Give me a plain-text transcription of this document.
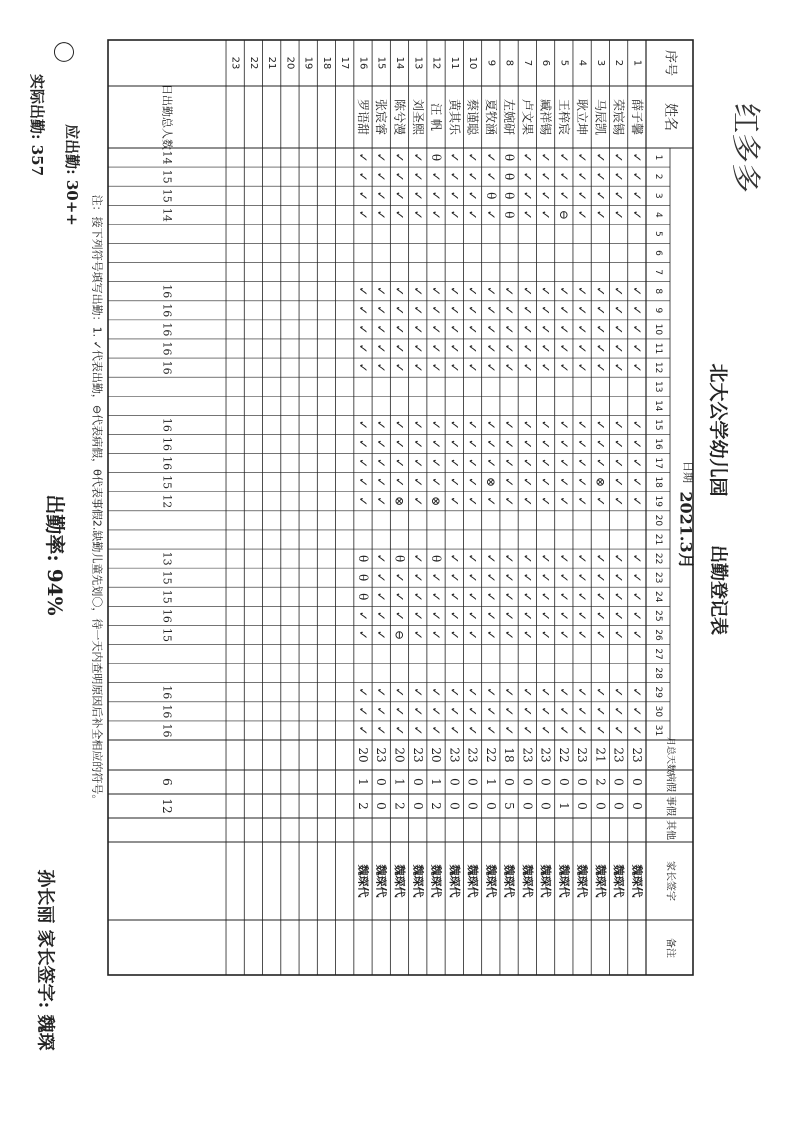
序号
姓名
1
2
3
4
5
6
7
8
9
10
11
12
13
14
15
16
17
18
19
20
21
22
23
24
25
26
27
28
29
30
31
月总天数
病假
事假
其他
家长签字
备注
北大公学幼儿园
出勤登记表
日期
2021.3月
红多多
1
薛子馨
23
0
0
魏琛代
2
荣宸锡
23
0
0
魏琛代
3
马辰凯
21
2
0
魏琛代
4
耿立坤
23
0
0
魏琛代
5
王梓宸
22
0
1
魏琛代
6
臧祥锡
23
0
0
魏琛代
7
卢文果
23
0
0
魏琛代
8
左婉研
18
0
5
魏琛代
9
夏牧涵
22
1
0
魏琛代
10
蔡谨聪
23
0
0
魏琛代
11
黄其乐
23
0
0
魏琛代
12
汪 帆
20
1
2
魏琛代
13
刘圣熙
23
0
0
魏琛代
14
陈兮漫
20
1
2
魏琛代
15
张宸睿
23
0
0
魏琛代
16
罗语甜
20
1
2
魏琛代
17
18
19
20
21
22
23
日出勤总人数
注：接下列符号填写出勤：1. ✓代表出勤，⊖代表病假，θ代表事假2.缺勤儿童先划〇，待一天内查明原因后补全相应的符号。
✓
✓
✓
✓
✓
✓
✓
✓
✓
✓
✓
✓
✓
✓
✓
✓
✓
✓
✓
✓
✓
✓
✓
✓
✓
✓
✓
✓
✓
✓
✓
✓
✓
✓
✓
✓
✓
✓
✓
✓
✓
✓
✓
✓
✓
✓
✓
✓
✓
✓
✓
✓
✓
✓
✓
✓
⊗
✓
✓
✓
✓
✓
✓
✓
✓
✓
✓
✓
✓
✓
✓
✓
✓
✓
✓
✓
✓
✓
✓
✓
✓
✓
✓
✓
✓
✓
✓
✓
✓
✓
✓
⊖
✓
✓
✓
✓
✓
✓
✓
✓
✓
✓
✓
✓
✓
✓
✓
✓
✓
✓
✓
✓
✓
✓
✓
✓
✓
✓
✓
✓
✓
✓
✓
✓
✓
✓
✓
✓
✓
✓
✓
✓
✓
✓
✓
✓
✓
✓
✓
✓
✓
✓
✓
✓
✓
✓
✓
✓
✓
✓
✓
✓
✓
✓
θ
θ
θ
θ
✓
✓
✓
✓
✓
✓
✓
✓
✓
✓
✓
✓
✓
✓
✓
✓
✓
✓
✓
✓
θ
✓
✓
✓
✓
✓
✓
✓
✓
✓
⊗
✓
✓
✓
✓
✓
✓
✓
✓
✓
✓
✓
✓
✓
✓
✓
✓
✓
✓
✓
✓
✓
✓
✓
✓
✓
✓
✓
✓
✓
✓
✓
✓
✓
✓
✓
✓
✓
✓
✓
✓
✓
✓
✓
✓
✓
✓
✓
✓
✓
✓
✓
✓
✓
θ
✓
✓
✓
✓
✓
✓
✓
✓
✓
✓
✓
✓
⊗
θ
✓
✓
✓
✓
✓
✓
✓
✓
✓
✓
✓
✓
✓
✓
✓
✓
✓
✓
✓
✓
✓
✓
✓
✓
✓
✓
✓
✓
✓
✓
✓
✓
✓
✓
✓
✓
✓
✓
✓
✓
✓
✓
⊗
θ
✓
✓
✓
⊖
✓
✓
✓
✓
✓
✓
✓
✓
✓
✓
✓
✓
✓
✓
✓
✓
✓
✓
✓
✓
✓
✓
✓
✓
✓
✓
✓
✓
✓
✓
✓
✓
✓
✓
✓
✓
✓
✓
✓
θ
θ
θ
✓
✓
✓
✓
✓
14
15
15
14
16
16
16
16
16
16
16
16
15
12
13
15
15
16
15
16
16
16
6
12
〇
应出勤: 30++
实际出勤: 357
出勤率: 94%
孙长丽 家长签字: 魏琛
